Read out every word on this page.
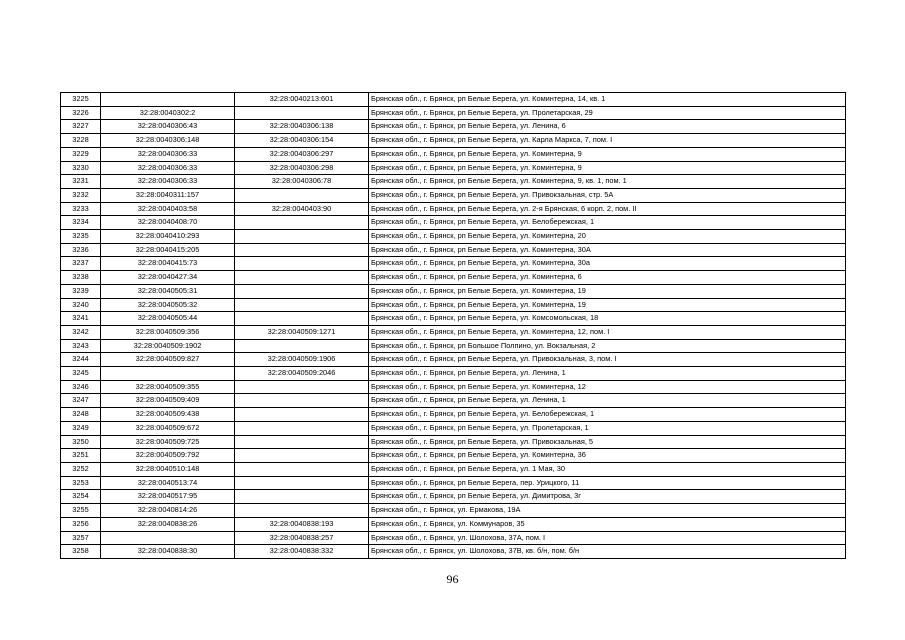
3225		32:28:0040213:601	Брянская обл., г. Брянск, рп Белые Берега, ул. Коминтерна, 14, кв. 1
3226	32:28:0040302:2		Брянская обл., г. Брянск, рп Белые Берега, ул. Пролетарская, 29
3227	32:28:0040306:43	32:28:0040306:138	Брянская обл., г. Брянск, рп Белые Берега, ул. Ленина, 6
3228	32:28:0040306:148	32:28:0040306:154	Брянская обл., г. Брянск, рп Белые Берега, ул. Карла Маркса, 7, пом. I
3229	32:28:0040306:33	32:28:0040306:297	Брянская обл., г. Брянск, рп Белые Берега, ул. Коминтерна, 9
3230	32:28:0040306:33	32:28:0040306:298	Брянская обл., г. Брянск, рп Белые Берега, ул. Коминтерна, 9
3231	32:28:0040306:33	32:28:0040306:78	Брянская обл., г. Брянск, рп Белые Берега, ул. Коминтерна, 9, кв. 1, пом. 1
3232	32:28:0040311:157		Брянская обл., г. Брянск, рп Белые Берега, ул. Привокзальная, стр. 5А
3233	32:28:0040403:58	32:28:0040403:90	Брянская обл., г. Брянск, рп Белые Берега, ул. 2-я Брянская, 6 корп. 2, пом. II
3234	32:28:0040408:70		Брянская обл., г. Брянск, рп Белые Берега, ул. Белобережская, 1
3235	32:28:0040410:293		Брянская обл., г. Брянск, рп Белые Берега, ул. Коминтерна, 20
3236	32:28:0040415:205		Брянская обл., г. Брянск, рп Белые Берега, ул. Коминтерна, 30А
3237	32:28:0040415:73		Брянская обл., г. Брянск, рп Белые Берега, ул. Коминтерна, 30а
3238	32:28:0040427:34		Брянская обл., г. Брянск, рп Белые Берега, ул. Коминтерна, 6
3239	32:28:0040505:31		Брянская обл., г. Брянск, рп Белые Берега, ул. Коминтерна, 19
3240	32:28:0040505:32		Брянская обл., г. Брянск, рп Белые Берега, ул. Коминтерна, 19
3241	32:28:0040505:44		Брянская обл., г. Брянск, рп Белые Берега, ул. Комсомольская, 18
3242	32:28:0040509:356	32:28:0040509:1271	Брянская обл., г. Брянск, рп Белые Берега, ул. Коминтерна, 12, пом. I
3243	32:28:0040509:1902		Брянская обл., г. Брянск, рп Большое Полпино, ул. Вокзальная, 2
3244	32:28:0040509:827	32:28:0040509:1906	Брянская обл., г. Брянск, рп Белые Берега, ул. Привокзальная, 3, пом. I
3245		32:28:0040509:2046	Брянская обл., г. Брянск, рп Белые Берега, ул. Ленина, 1
3246	32:28:0040509:355		Брянская обл., г. Брянск, рп Белые Берега, ул. Коминтерна, 12
3247	32:28:0040509:409		Брянская обл., г. Брянск, рп Белые Берега, ул. Ленина, 1
3248	32:28:0040509:438		Брянская обл., г. Брянск, рп Белые Берега, ул. Белобережская, 1
3249	32:28:0040509:672		Брянская обл., г. Брянск, рп Белые Берега, ул. Пролетарская, 1
3250	32:28:0040509:725		Брянская обл., г. Брянск, рп Белые Берега, ул. Привокзальная, 5
3251	32:28:0040509:792		Брянская обл., г. Брянск, рп Белые Берега, ул. Коминтерна, 36
3252	32:28:0040510:148		Брянская обл., г. Брянск, рп Белые Берега, ул. 1 Мая, 30
3253	32:28:0040513:74		Брянская обл., г. Брянск, рп Белые Берега, пер. Урицкого, 11
3254	32:28:0040517:95		Брянская обл., г. Брянск, рп Белые Берега, ул. Димитрова, 3г
3255	32:28:0040814:26		Брянская обл., г. Брянск, ул. Ермакова, 19А
3256	32:28:0040838:26	32:28:0040838:193	Брянская обл., г. Брянск, ул. Коммунаров, 35
3257		32:28:0040838:257	Брянская обл., г. Брянск, ул. Шолохова, 37А, пом. I
3258	32:28:0040838:30	32:28:0040838:332	Брянская обл., г. Брянск, ул. Шолохова, 37В, кв. б/н, пом. б/н
96
